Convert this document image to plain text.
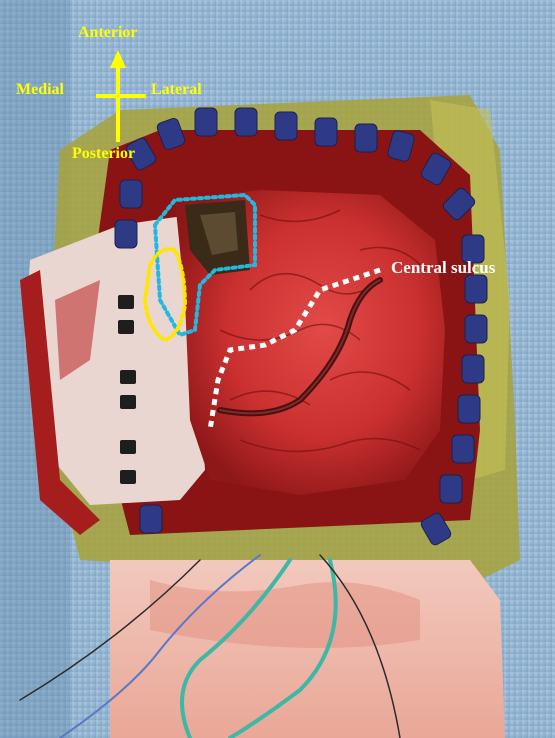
Anterior
Medial	Lateral
Posterior
Central sulcus
